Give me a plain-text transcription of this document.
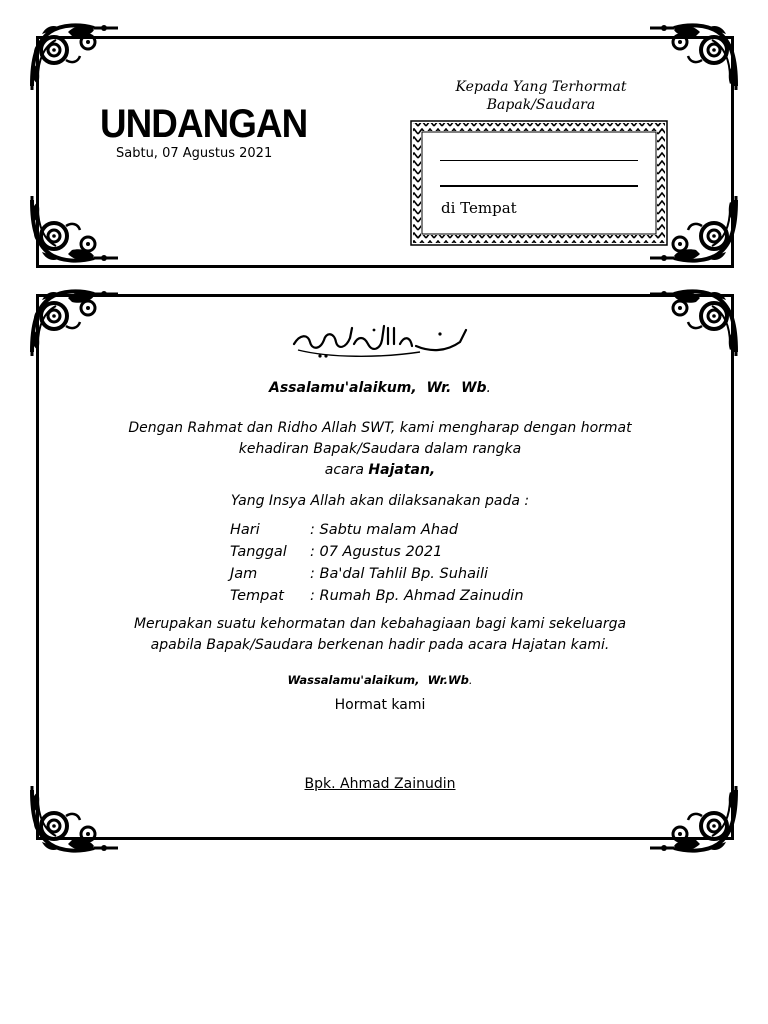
UNDANGAN
Sabtu, 07 Agustus 2021
Kepada Yang Terhormat
Bapak/Saudara
di Tempat
Assalamu'alaikum, Wr. Wb.
Dengan Rahmat dan Ridho Allah SWT, kami mengharap dengan hormat
kehadiran Bapak/Saudara dalam rangka
acara Hajatan,
Yang Insya Allah akan dilaksanakan pada :
Hari	: Sabtu malam Ahad
Tanggal : 07 Agustus 2021
Jam	: Ba'dal Tahlil Bp. Suhaili
Tempat : Rumah Bp. Ahmad Zainudin
Merupakan suatu kehormatan dan kebahagiaan bagi kami sekeluarga
apabila Bapak/Saudara berkenan hadir pada acara Hajatan kami.
Wassalamu'alaikum, Wr.Wb.
Hormat kami
Bpk. Ahmad Zainudin
